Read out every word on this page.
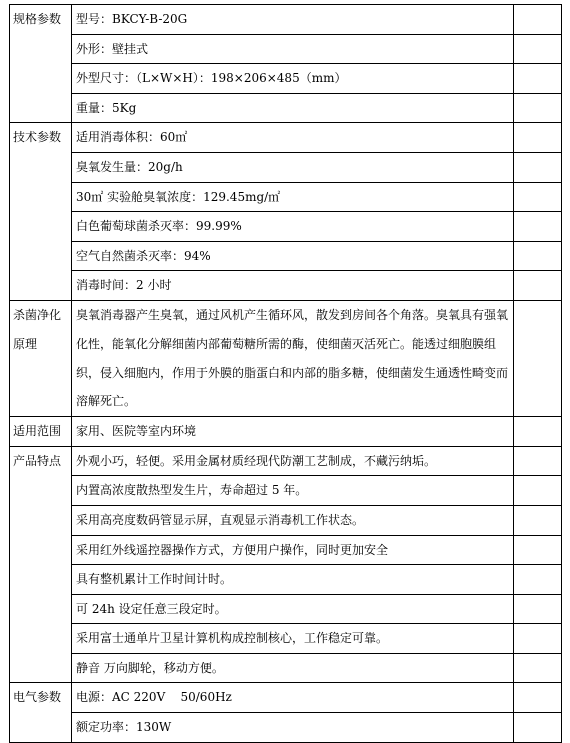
规格参数	型号：BKCY-B-20G	
	外形：壁挂式	
	外型尺寸：（L×W×H）：198×206×485（mm）	
	重量：5Kg	
技术参数	适用消毒体积：60㎡	
	臭氧发生量：20g/h	
	30㎡ 实验舱臭氧浓度：129.45mg/㎡	
	白色葡萄球菌杀灭率：99.99%	
	空气自然菌杀灭率：94%	
	消毒时间：2 小时	
杀菌净化原理	臭氧消毒器产生臭氧，通过风机产生循环风，散发到房间各个角落。臭氧具有强氧化性，能氧化分解细菌内部葡萄糖所需的酶，使细菌灭活死亡。能透过细胞膜组织，侵入细胞内，作用于外膜的脂蛋白和内部的脂多糖，使细菌发生通透性畸变而溶解死亡。	
适用范围	家用、医院等室内环境	
产品特点	外观小巧，轻便。采用金属材质经现代防潮工艺制成，不藏污纳垢。	
	内置高浓度散热型发生片，寿命超过 5 年。	
	采用高亮度数码管显示屏，直观显示消毒机工作状态。	
	采用红外线遥控器操作方式，方便用户操作，同时更加安全	
	具有整机累计工作时间计时。	
	可 24h 设定任意三段定时。	
	采用富士通单片卫星计算机构成控制核心，工作稳定可靠。	
	静音 万向脚轮，移动方便。	
电气参数	电源：AC 220V    50/60Hz	
	额定功率：130W	
